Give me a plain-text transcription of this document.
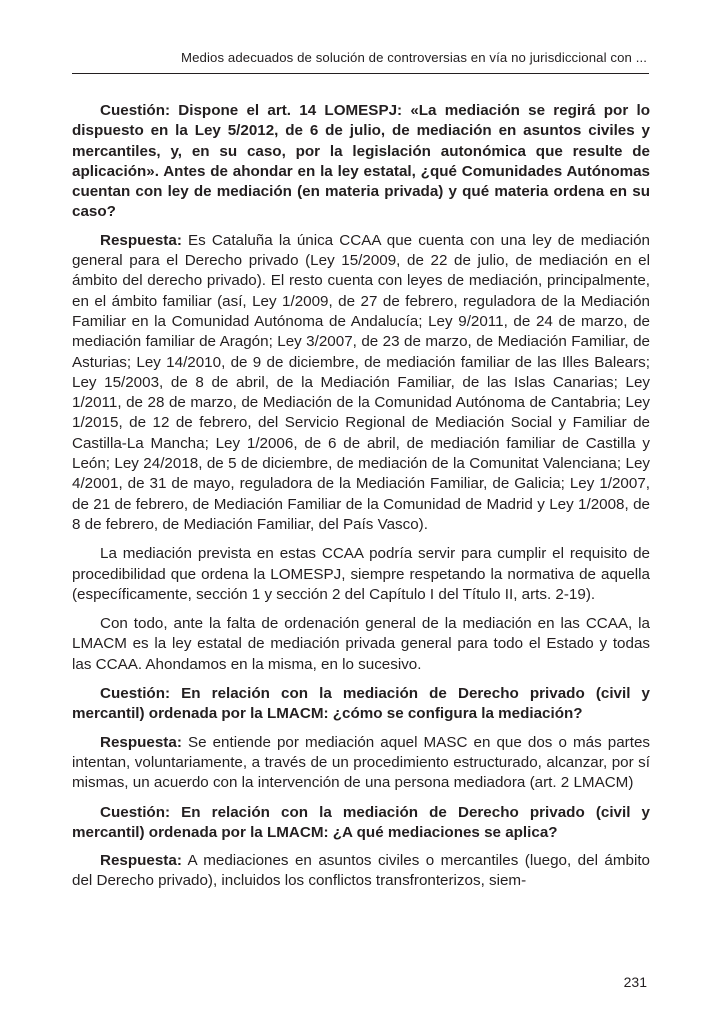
Medios adecuados de solución de controversias en vía no jurisdiccional con ...

Cuestión: Dispone el art. 14 LOMESPJ: «La mediación se regirá por lo dispuesto en la Ley 5/2012, de 6 de julio, de mediación en asuntos civiles y mercantiles, y, en su caso, por la legislación autonómica que resulte de aplicación». Antes de ahondar en la ley estatal, ¿qué Comunidades Autónomas cuentan con ley de mediación (en materia privada) y qué materia ordena en su caso?

Respuesta: Es Cataluña la única CCAA que cuenta con una ley de mediación general para el Derecho privado (Ley 15/2009, de 22 de julio, de mediación en el ámbito del derecho privado). El resto cuenta con leyes de mediación, principalmente, en el ámbito familiar (así, Ley 1/2009, de 27 de febrero, reguladora de la Mediación Familiar en la Comunidad Autónoma de Andalucía; Ley 9/2011, de 24 de marzo, de mediación familiar de Aragón; Ley 3/2007, de 23 de marzo, de Mediación Familiar, de Asturias; Ley 14/2010, de 9 de diciembre, de mediación familiar de las Illes Balears; Ley 15/2003, de 8 de abril, de la Mediación Familiar, de las Islas Canarias; Ley 1/2011, de 28 de marzo, de Mediación de la Comunidad Autónoma de Cantabria; Ley 1/2015, de 12 de febrero, del Servicio Regional de Mediación Social y Familiar de Castilla-La Mancha; Ley 1/2006, de 6 de abril, de mediación familiar de Castilla y León; Ley 24/2018, de 5 de diciembre, de mediación de la Comunitat Valenciana; Ley 4/2001, de 31 de mayo, reguladora de la Mediación Familiar, de Galicia; Ley 1/2007, de 21 de febrero, de Mediación Familiar de la Comunidad de Madrid y Ley 1/2008, de 8 de febrero, de Mediación Familiar, del País Vasco).

La mediación prevista en estas CCAA podría servir para cumplir el requisito de procedibilidad que ordena la LOMESPJ, siempre respetando la normativa de aquella (específicamente, sección 1 y sección 2 del Capítulo I del Título II, arts. 2-19).

Con todo, ante la falta de ordenación general de la mediación en las CCAA, la LMACM es la ley estatal de mediación privada general para todo el Estado y todas las CCAA. Ahondamos en la misma, en lo sucesivo.

Cuestión: En relación con la mediación de Derecho privado (civil y mercantil) ordenada por la LMACM: ¿cómo se configura la mediación?

Respuesta: Se entiende por mediación aquel MASC en que dos o más partes intentan, voluntariamente, a través de un procedimiento estructurado, alcanzar, por sí mismas, un acuerdo con la intervención de una persona mediadora (art. 2 LMACM)

Cuestión: En relación con la mediación de Derecho privado (civil y mercantil) ordenada por la LMACM: ¿A qué mediaciones se aplica?

Respuesta: A mediaciones en asuntos civiles o mercantiles (luego, del ámbito del Derecho privado), incluidos los conflictos transfronterizos, siem-

231
